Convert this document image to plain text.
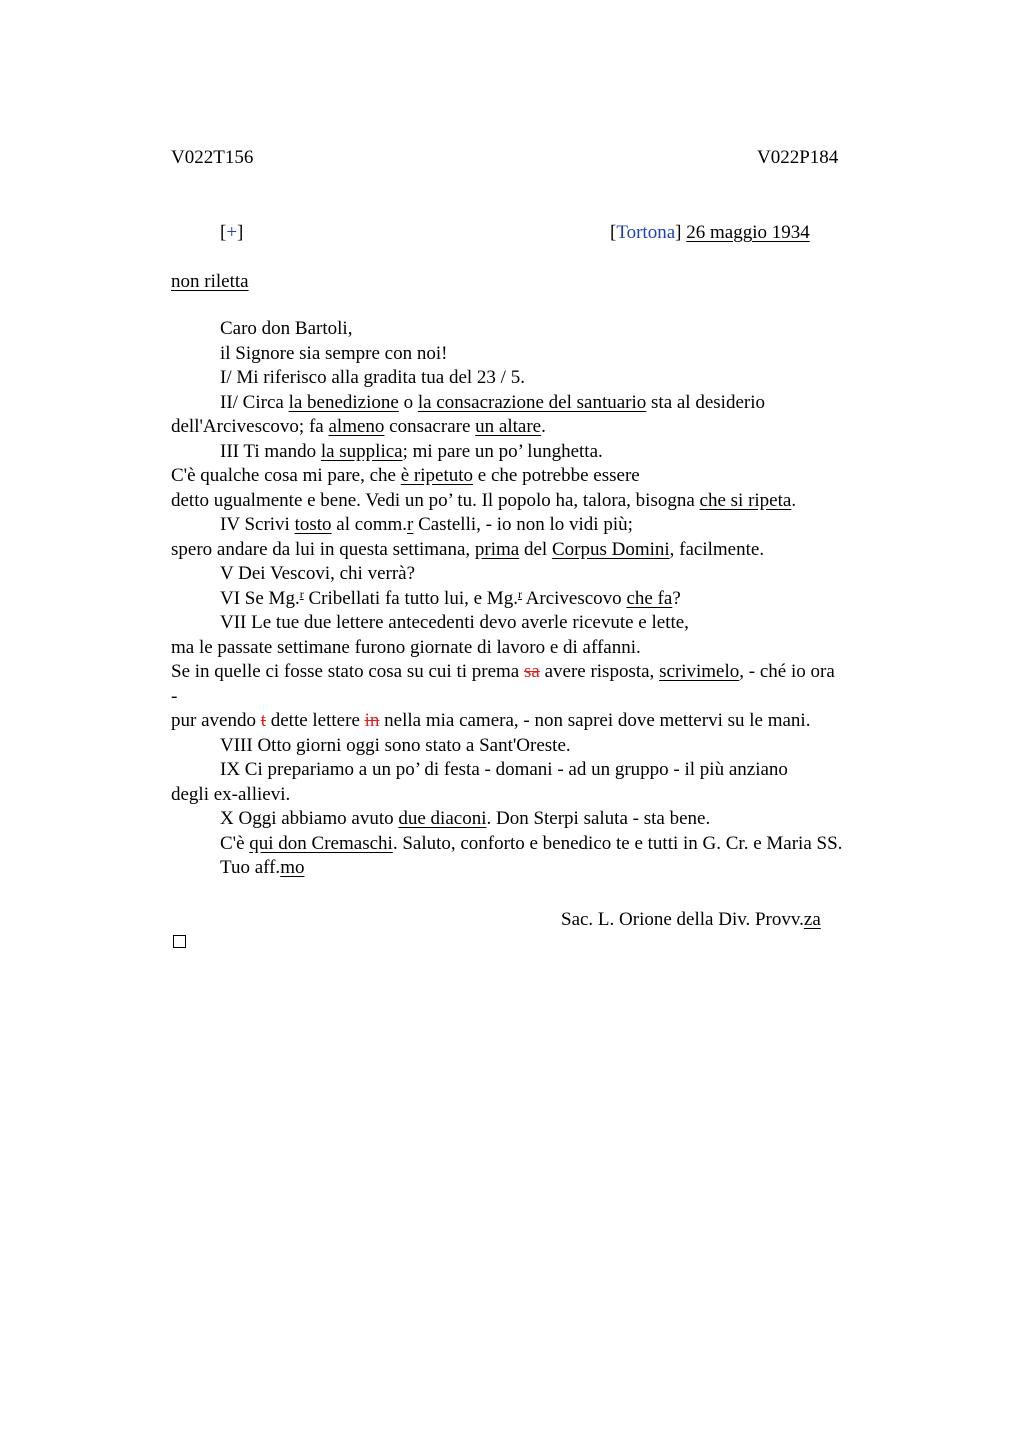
V022T156	V022P184
[+]	[Tortona] 26 maggio 1934
non riletta
Caro don Bartoli,
il Signore sia sempre con noi!
I/ Mi riferisco alla gradita tua del 23 / 5.
II/ Circa la benedizione o la consacrazione del santuario sta al desiderio
dell'Arcivescovo; fa almeno consacrare un altare.
III Ti mando la supplica; mi pare un po’ lunghetta.
C'è qualche cosa mi pare, che è ripetuto e che potrebbe essere
detto ugualmente e bene. Vedi un po’ tu. Il popolo ha, talora, bisogna che si ripeta.
IV Scrivi tosto al comm.r Castelli, - io non lo vidi più;
spero andare da lui in questa settimana, prima del Corpus Domini, facilmente.
V Dei Vescovi, chi verrà?
VI Se Mg.$^r$ Cribellati fa tutto lui, e Mg.$^r$ Arcivescovo che fa?
VII Le tue due lettere antecedenti devo averle ricevute e lette,
ma le passate settimane furono giornate di lavoro e di affanni.
Se in quelle ci fosse stato cosa su cui ti prema sa avere risposta, scrivimelo, - ché io ora
-
pur avendo t dette lettere in nella mia camera, - non saprei dove mettervi su le mani.
VIII Otto giorni oggi sono stato a Sant'Oreste.
IX Ci prepariamo a un po’ di festa - domani - ad un gruppo - il più anziano
degli ex-allievi.
X Oggi abbiamo avuto due diaconi. Don Sterpi saluta - sta bene.
C'è qui don Cremaschi. Saluto, conforto e benedico te e tutti in G. Cr. e Maria SS.
Tuo aff.mo
Sac. L. Orione della Div. Provv.za
